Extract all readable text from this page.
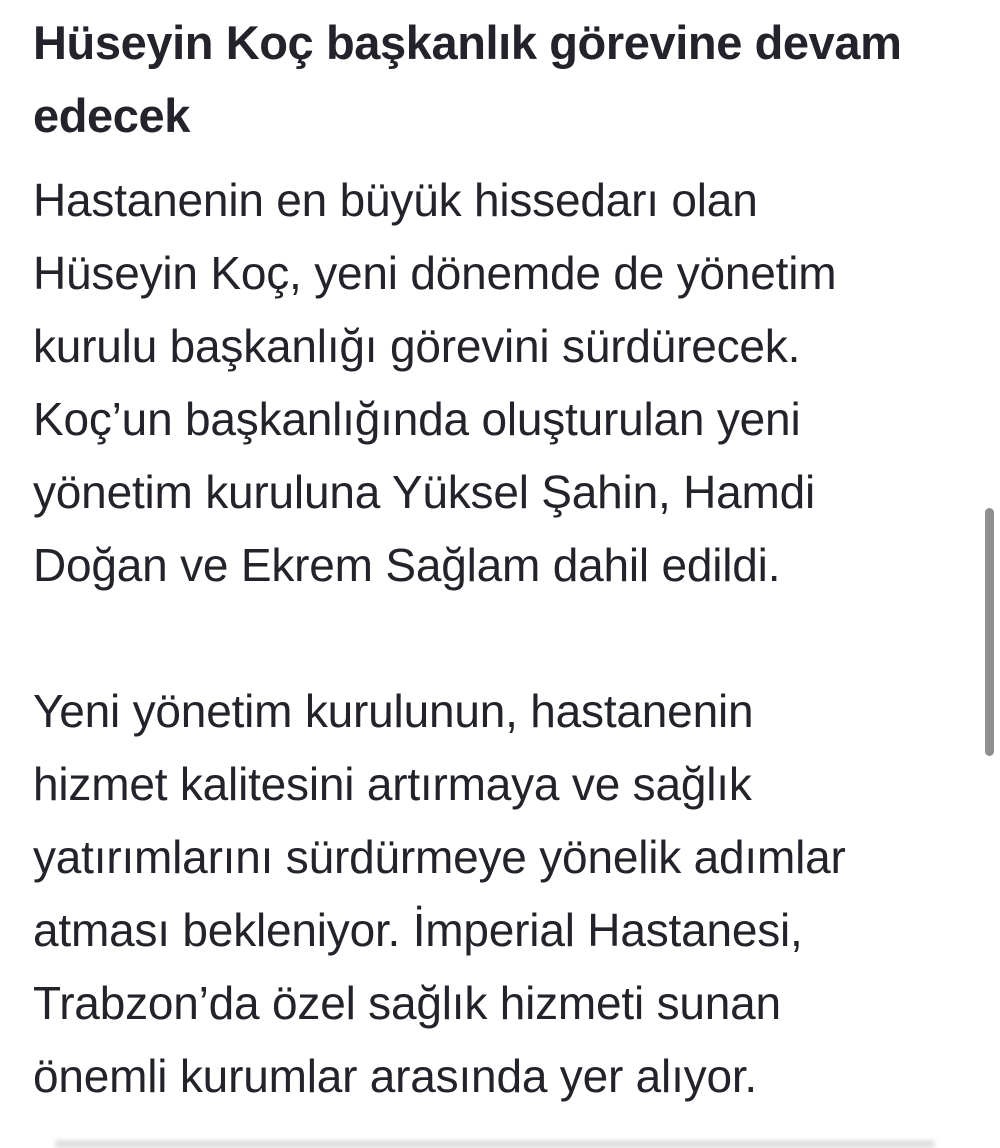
Hüseyin Koç başkanlık görevine devam
edecek

Hastanenin en büyük hissedarı olan
Hüseyin Koç, yeni dönemde de yönetim
kurulu başkanlığı görevini sürdürecek.
Koç’un başkanlığında oluşturulan yeni
yönetim kuruluna Yüksel Şahin, Hamdi
Doğan ve Ekrem Sağlam dahil edildi.

Yeni yönetim kurulunun, hastanenin
hizmet kalitesini artırmaya ve sağlık
yatırımlarını sürdürmeye yönelik adımlar
atması bekleniyor. İmperial Hastanesi,
Trabzon’da özel sağlık hizmeti sunan
önemli kurumlar arasında yer alıyor.
